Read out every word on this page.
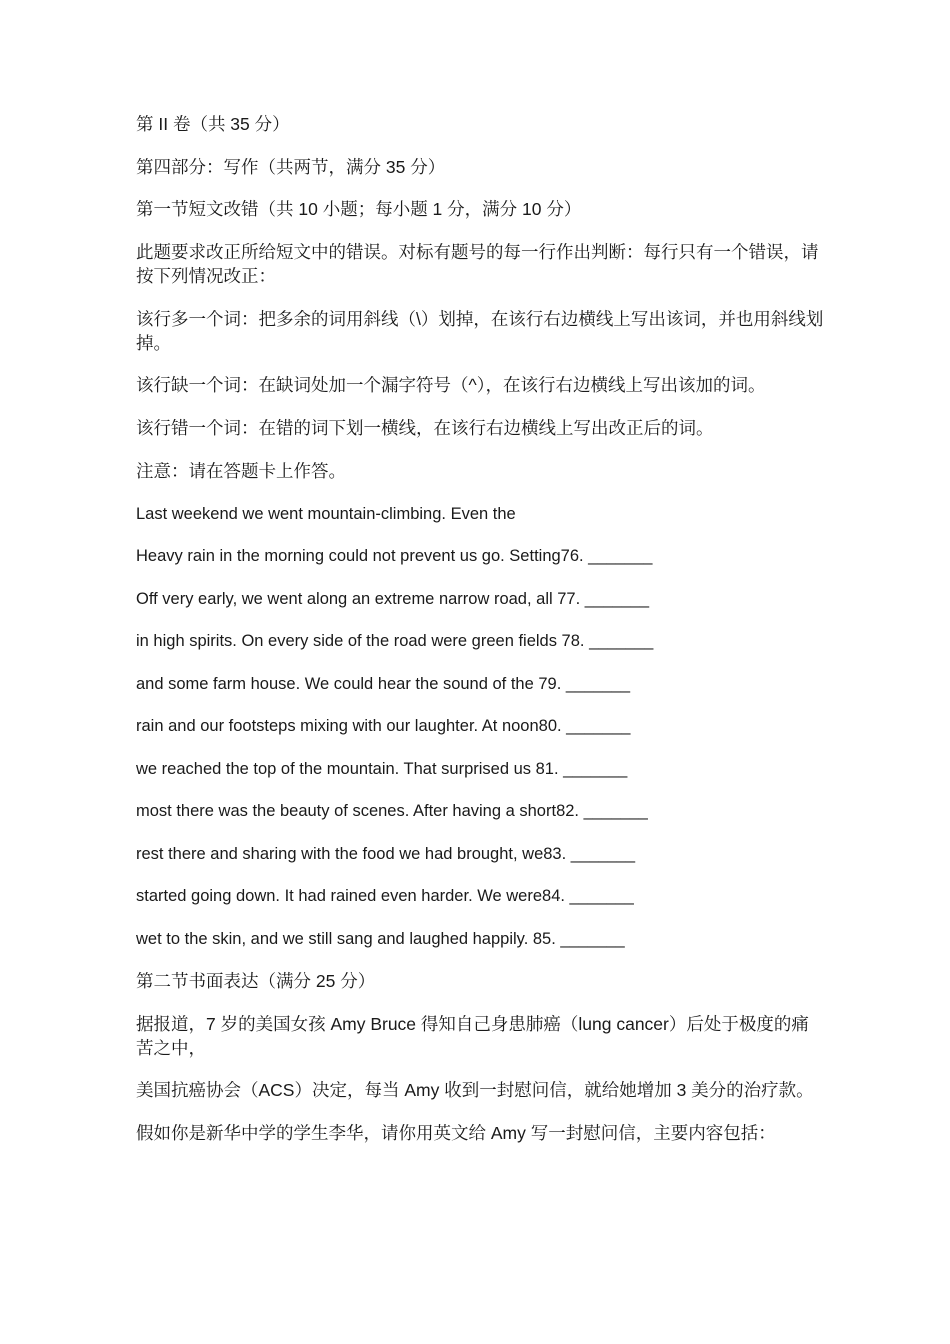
第 II 卷（共 35 分）
第四部分：写作（共两节，满分 35 分）
第一节短文改错（共 10 小题；每小题 1 分，满分 10 分）
此题要求改正所给短文中的错误。对标有题号的每一行作出判断：每行只有一个错误，请按下列情况改正：
该行多一个词：把多余的词用斜线（\）划掉，在该行右边横线上写出该词，并也用斜线划掉。
该行缺一个词：在缺词处加一个漏字符号（^），在该行右边横线上写出该加的词。
该行错一个词：在错的词下划一横线，在该行右边横线上写出改正后的词。
注意：请在答题卡上作答。
Last weekend we went mountain-climbing. Even the
Heavy rain in the morning could not prevent us go. Setting76. _______
Off very early, we went along an extreme narrow road, all 77. _______
in high spirits. On every side of the road were green fields 78. _______
and some farm house. We could hear the sound of the 79. _______
rain and our footsteps mixing with our laughter. At noon80. _______
we reached the top of the mountain. That surprised us 81. _______
most there was the beauty of scenes. After having a short82. _______
rest there and sharing with the food we had brought, we83. _______
started going down. It had rained even harder. We were84. _______
wet to the skin, and we still sang and laughed happily. 85. _______
第二节书面表达（满分 25 分）
据报道，7 岁的美国女孩 Amy Bruce 得知自己身患肺癌（lung cancer）后处于极度的痛苦之中，
美国抗癌协会（ACS）决定，每当 Amy 收到一封慰问信，就给她增加 3 美分的治疗款。
假如你是新华中学的学生李华，请你用英文给 Amy 写一封慰问信，主要内容包括：
